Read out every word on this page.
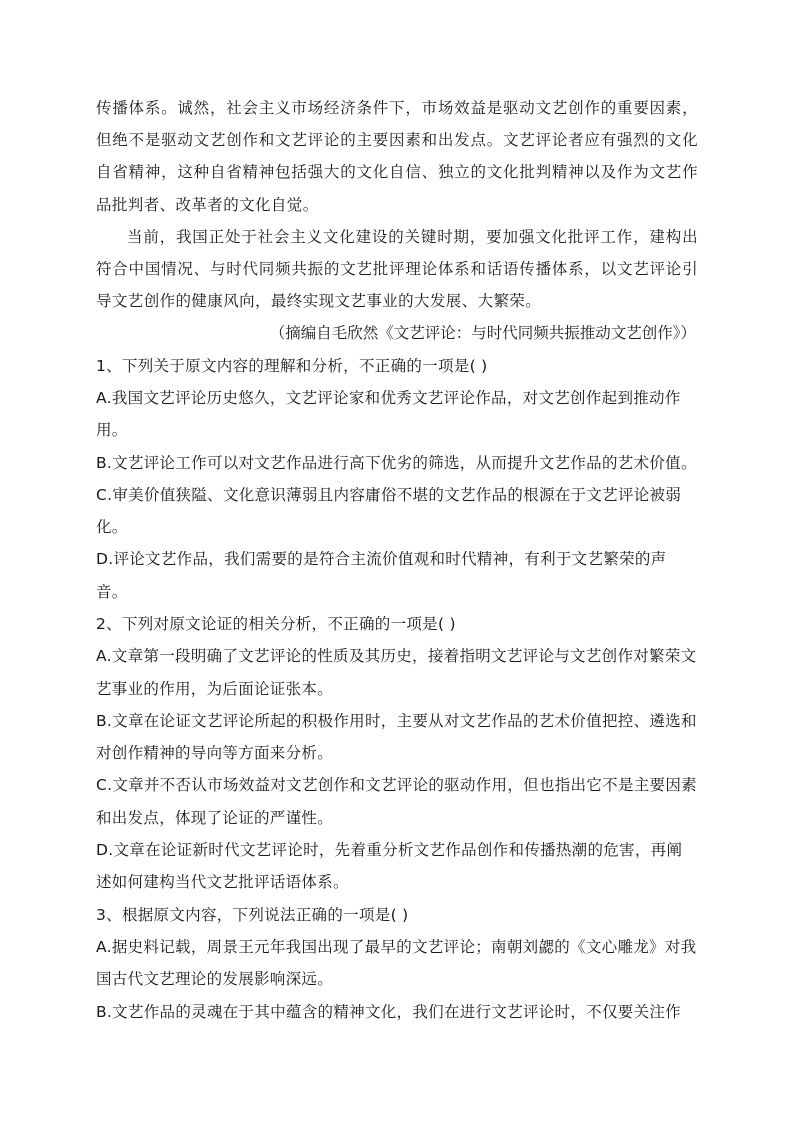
传播体系。诚然，社会主义市场经济条件下，市场效益是驱动文艺创作的重要因素，但绝不是驱动文艺创作和文艺评论的主要因素和出发点。文艺评论者应有强烈的文化自省精神，这种自省精神包括强大的文化自信、独立的文化批判精神以及作为文艺作品批判者、改革者的文化自觉。

当前，我国正处于社会主义文化建设的关键时期，要加强文化批评工作，建构出符合中国情况、与时代同频共振的文艺批评理论体系和话语传播体系，以文艺评论引导文艺创作的健康风向，最终实现文艺事业的大发展、大繁荣。

（摘编自毛欣然《文艺评论：与时代同频共振推动文艺创作》）

1、下列关于原文内容的理解和分析，不正确的一项是( )

A.我国文艺评论历史悠久，文艺评论家和优秀文艺评论作品，对文艺创作起到推动作用。

B.文艺评论工作可以对文艺作品进行高下优劣的筛选，从而提升文艺作品的艺术价值。

C.审美价值狭隘、文化意识薄弱且内容庸俗不堪的文艺作品的根源在于文艺评论被弱化。

D.评论文艺作品，我们需要的是符合主流价值观和时代精神，有利于文艺繁荣的声音。

2、下列对原文论证的相关分析，不正确的一项是( )

A.文章第一段明确了文艺评论的性质及其历史，接着指明文艺评论与文艺创作对繁荣文艺事业的作用，为后面论证张本。

B.文章在论证文艺评论所起的积极作用时，主要从对文艺作品的艺术价值把控、遴选和对创作精神的导向等方面来分析。

C.文章并不否认市场效益对文艺创作和文艺评论的驱动作用，但也指出它不是主要因素和出发点，体现了论证的严谨性。

D.文章在论证新时代文艺评论时，先着重分析文艺作品创作和传播热潮的危害，再阐述如何建构当代文艺批评话语体系。

3、根据原文内容，下列说法正确的一项是( )

A.据史料记载，周景王元年我国出现了最早的文艺评论；南朝刘勰的《文心雕龙》对我国古代文艺理论的发展影响深远。

B.文艺作品的灵魂在于其中蕴含的精神文化，我们在进行文艺评论时，不仅要关注作
